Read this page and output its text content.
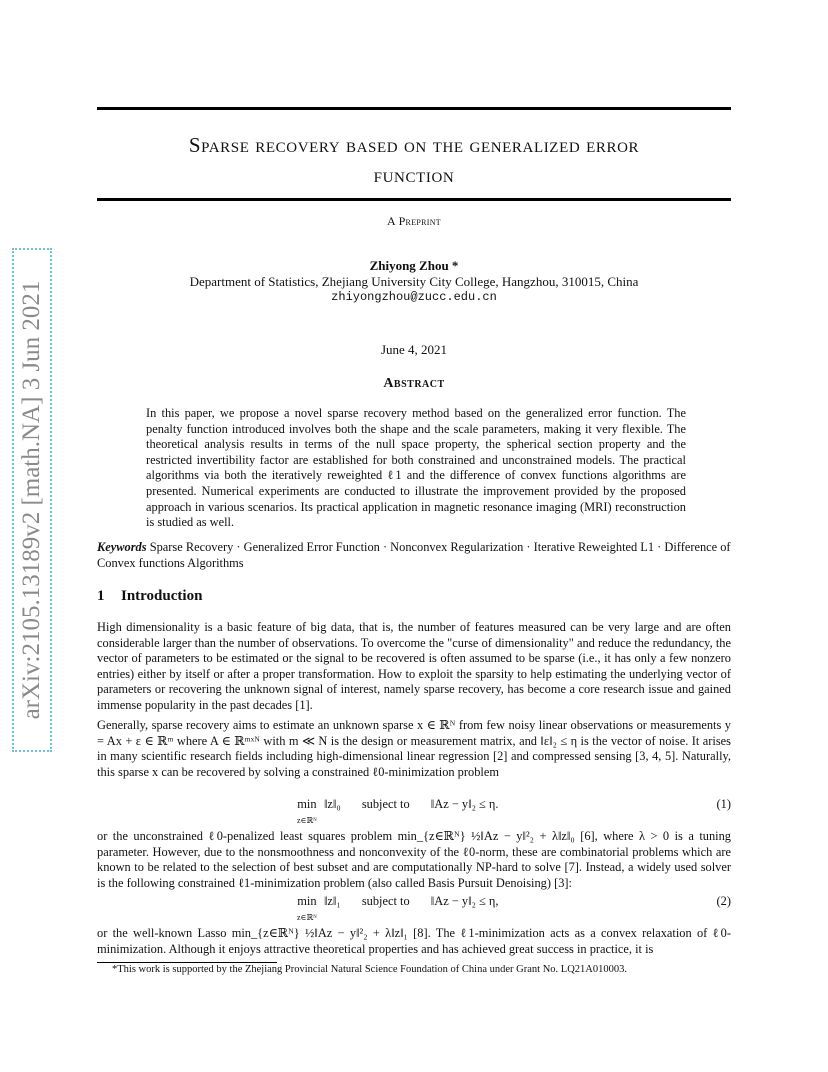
arXiv:2105.13189v2 [math.NA] 3 Jun 2021
Sparse recovery based on the generalized error
function
A Preprint
Zhiyong Zhou *
Department of Statistics, Zhejiang University City College, Hangzhou, 310015, China
zhiyongzhou@zucc.edu.cn
June 4, 2021
Abstract
In this paper, we propose a novel sparse recovery method based on the generalized error function. The penalty function introduced involves both the shape and the scale parameters, making it very flexible. The theoretical analysis results in terms of the null space property, the spherical section property and the restricted invertibility factor are established for both constrained and unconstrained models. The practical algorithms via both the iteratively reweighted ℓ1 and the difference of convex functions algorithms are presented. Numerical experiments are conducted to illustrate the improvement provided by the proposed approach in various scenarios. Its practical application in magnetic resonance imaging (MRI) reconstruction is studied as well.
Keywords Sparse Recovery · Generalized Error Function · Nonconvex Regularization · Iterative Reweighted L1 · Difference of Convex functions Algorithms
1 Introduction
High dimensionality is a basic feature of big data, that is, the number of features measured can be very large and are often considerable larger than the number of observations. To overcome the "curse of dimensionality" and reduce the redundancy, the vector of parameters to be estimated or the signal to be recovered is often assumed to be sparse (i.e., it has only a few nonzero entries) either by itself or after a proper transformation. How to exploit the sparsity to help estimating the underlying vector of parameters or recovering the unknown signal of interest, namely sparse recovery, has become a core research issue and gained immense popularity in the past decades [1].
Generally, sparse recovery aims to estimate an unknown sparse x ∈ ℝᴺ from few noisy linear observations or measurements y = Ax + ε ∈ ℝᵐ where A ∈ ℝᵐˣᴺ with m ≪ N is the design or measurement matrix, and ‖ε‖₂ ≤ η is the vector of noise. It arises in many scientific research fields including high-dimensional linear regression [2] and compressed sensing [3, 4, 5]. Naturally, this sparse x can be recovered by solving a constrained ℓ0-minimization problem
min
z∈ℝᴺ ‖z‖₀ subject to ‖Az − y‖₂ ≤ η.	(1)
or the unconstrained ℓ0-penalized least squares problem min_{z∈ℝᴺ} ½‖Az − y‖²₂ + λ‖z‖₀ [6], where λ > 0 is a tuning parameter. However, due to the nonsmoothness and nonconvexity of the ℓ0-norm, these are combinatorial problems which are known to be related to the selection of best subset and are computationally NP-hard to solve [7]. Instead, a widely used solver is the following constrained ℓ1-minimization problem (also called Basis Pursuit Denoising) [3]:
min
z∈ℝᴺ ‖z‖₁ subject to ‖Az − y‖₂ ≤ η,	(2)
or the well-known Lasso min_{z∈ℝᴺ} ½‖Az − y‖²₂ + λ‖z‖₁ [8]. The ℓ1-minimization acts as a convex relaxation of ℓ0-minimization. Although it enjoys attractive theoretical properties and has achieved great success in practice, it is
*This work is supported by the Zhejiang Provincial Natural Science Foundation of China under Grant No. LQ21A010003.
